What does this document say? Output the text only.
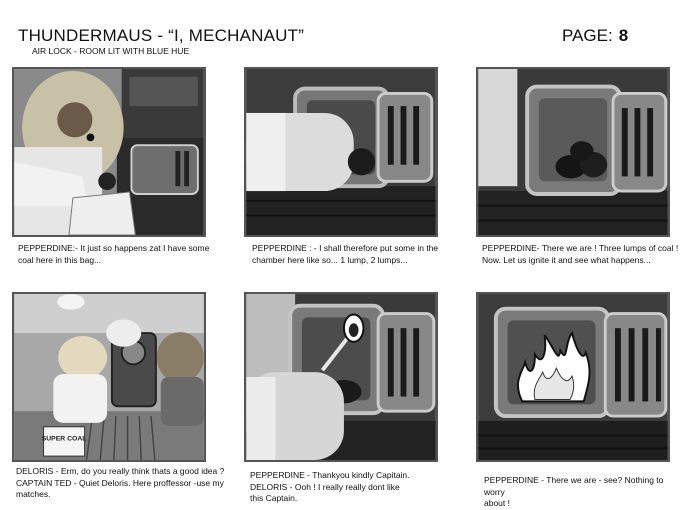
THUNDERMAUS - “I, MECHANAUT”
AIR LOCK - ROOM LIT WITH BLUE HUE
PAGE: 8
PEPPERDINE:- It just so happens zat I have some
coal here in this bag...
PEPPERDINE : - I shall therefore put some in the
chamber here like so... 1 lump, 2 lumps...
PEPPERDINE- There we are ! Three lumps of coal !
Now. Let us ignite it and see what happens...
SUPER COAL
DELORIS - Erm, do you really think thats a good idea ?
CAPTAIN TED - Quiet Deloris. Here proffessor -use my
matches.
PEPPERDINE - Thankyou kindly Capitain.
DELORIS - Ooh ! I really really dont like
this Captain.
PEPPERDINE - There we are - see? Nothing to worry
about !
